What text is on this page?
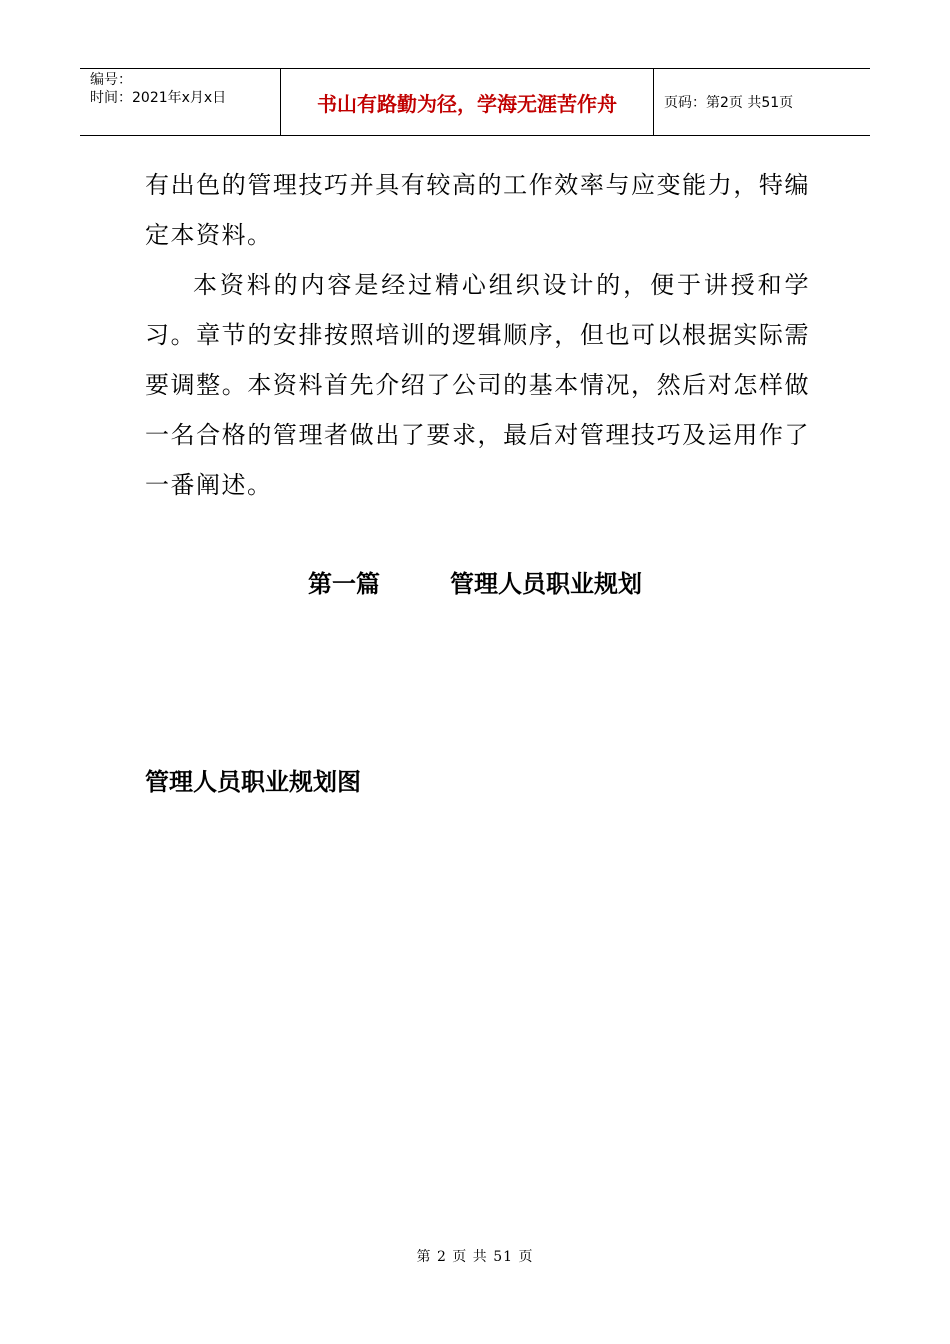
编号：
时间：2021年x月x日	书山有路勤为径，学海无涯苦作舟	页码：第2页 共51页
有出色的管理技巧并具有较高的工作效率与应变能力，特编定本资料。
本资料的内容是经过精心组织设计的，便于讲授和学习。章节的安排按照培训的逻辑顺序，但也可以根据实际需要调整。本资料首先介绍了公司的基本情况，然后对怎样做一名合格的管理者做出了要求，最后对管理技巧及运用作了一番阐述。
第一篇	管理人员职业规划
管理人员职业规划图
第 2 页 共 51 页
